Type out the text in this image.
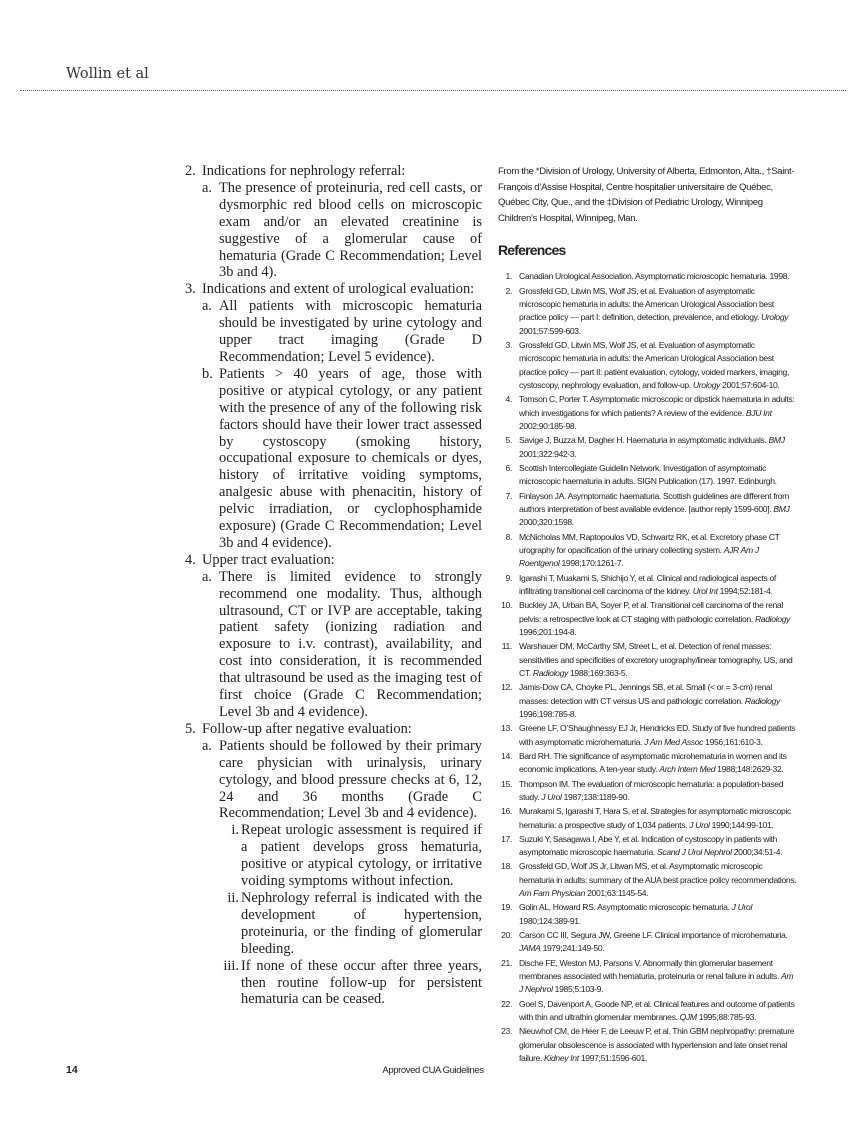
Wollin et al
2. Indications for nephrology referral:
a. The presence of proteinuria, red cell casts, or dysmorphic red blood cells on microscopic exam and/or an elevated creatinine is suggestive of a glomerular cause of hematuria (Grade C Recommendation; Level 3b and 4).
3. Indications and extent of urological evaluation:
a. All patients with microscopic hematuria should be investigated by urine cytology and upper tract imaging (Grade D Recommendation; Level 5 evidence).
b. Patients > 40 years of age, those with positive or atypical cytology, or any patient with the presence of any of the following risk factors should have their lower tract assessed by cystoscopy (smoking history, occupational exposure to chemicals or dyes, history of irritative voiding symptoms, analgesic abuse with phenacitin, history of pelvic irradiation, or cyclophosphamide exposure) (Grade C Recommendation; Level 3b and 4 evidence).
4. Upper tract evaluation:
a. There is limited evidence to strongly recommend one modality. Thus, although ultrasound, CT or IVP are acceptable, taking patient safety (ionizing radiation and exposure to i.v. contrast), availability, and cost into consideration, it is recommended that ultrasound be used as the imaging test of first choice (Grade C Recommendation; Level 3b and 4 evidence).
5. Follow-up after negative evaluation:
a. Patients should be followed by their primary care physician with urinalysis, urinary cytology, and blood pressure checks at 6, 12, 24 and 36 months (Grade C Recommendation; Level 3b and 4 evidence).
i. Repeat urologic assessment is required if a patient develops gross hematuria, positive or atypical cytology, or irritative voiding symptoms without infection.
ii. Nephrology referral is indicated with the development of hypertension, proteinuria, or the finding of glomerular bleeding.
iii. If none of these occur after three years, then routine follow-up for persistent hematuria can be ceased.

From the *Division of Urology, University of Alberta, Edmonton, Alta., †Saint-François d’Assise Hospital, Centre hospitalier universitaire de Québec, Québec City, Que., and the ‡Division of Pediatric Urology, Winnipeg Children’s Hospital, Winnipeg, Man.

References
1. Canadian Urological Association. Asymptomatic microscopic hematuria. 1998.
2. Grossfeld GD, Litwin MS, Wolf JS, et al. Evaluation of asymptomatic microscopic hematuria in adults: the American Urological Association best practice policy — part I: definition, detection, prevalence, and etiology. Urology 2001;57:599-603.
3. Grossfeld GD, Litwin MS, Wolf JS, et al. Evaluation of asymptomatic microscopic hematuria in adults: the American Urological Association best practice policy — part II: patient evaluation, cytology, voided markers, imaging, cystoscopy, nephrology evaluation, and follow-up. Urology 2001;57:604-10.
4. Tomson C, Porter T. Asymptomatic microscopic or dipstick haematuria in adults: which investigations for which patients? A review of the evidence. BJU Int 2002;90:185-98.
5. Savige J, Buzza M, Dagher H. Haematuria in asymptomatic individuals. BMJ 2001;322:942-3.
6. Scottish Intercollegiate Guidelin Network. Investigation of asymptomatic microscopic haematuria in adults. SIGN Publication (17). 1997. Edinburgh.
7. Finlayson JA. Asymptomatic haematuria. Scottish guidelines are different from authors interpretation of best available evidence. [author reply 1599-600]. BMJ 2000;320:1598.
8. McNicholas MM, Raptopoulos VD, Schwartz RK, et al. Excretory phase CT urography for opacification of the urinary collecting system. AJR Am J Roentgenol 1998;170:1261-7.
9. Igarashi T, Muakami S, Shichijo Y, et al. Clinical and radiological aspects of infiltrating transitional cell carcinoma of the kidney. Urol Int 1994;52:181-4.
10. Buckley JA, Urban BA, Soyer P, et al. Transitional cell carcinoma of the renal pelvis: a retrospective look at CT staging with pathologic correlation. Radiology 1996;201:194-8.
11. Warshauer DM, McCarthy SM, Street L, et al. Detection of renal masses: sensitivities and specificities of excretory urography/linear tomography, US, and CT. Radiology 1988;169:363-5.
12. Jamis-Dow CA, Choyke PL, Jennings SB, et al. Small (< or = 3-cm) renal masses: detection with CT versus US and pathologic correlation. Radiology 1996;198:785-8.
13. Greene LF, O’Shaughnessy EJ Jr, Hendricks ED. Study of five hundred patients with asymptomatic microhematuria. J Am Med Assoc 1956;161:610-3.
14. Bard RH. The significance of asymptomatic microhematuria in women and its economic implications. A ten-year study. Arch Intern Med 1988;148:2629-32.
15. Thompson IM. The evaluation of microscopic hematuria: a population-based study. J Urol 1987;138:1189-90.
16. Murakami S, Igarashi T, Hara S, et al. Strategies for asymptomatic microscopic hematuria: a prospective study of 1,034 patients. J Urol 1990;144:99-101.
17. Suzuki Y, Sasagawa I, Abe Y, et al. Indication of cystoscopy in patients with asymptomatic microscopic haematuria. Scand J Urol Nephrol 2000;34:51-4.
18. Grossfeld GD, Wolf JS Jr, Litwan MS, et al. Asymptomatic microscopic hematuria in adults: summary of the AUA best practice policy recommendations. Am Fam Physician 2001;63:1145-54.
19. Golin AL, Howard RS. Asymptomatic microscopic hematuria. J Urol 1980;124:389-91.
20. Carson CC III, Segura JW, Greene LF. Clinical importance of microhematuria. JAMA 1979;241:149-50.
21. Dische FE, Weston MJ, Parsons V. Abnormally thin glomerular basement membranes associated with hematuria, proteinuria or renal failure in adults. Am J Nephrol 1985;5:103-9.
22. Goel S, Davenport A, Goode NP, et al. Clinical features and outcome of patients with thin and ultrathin glomerular membranes. QJM 1995;88:785-93.
23. Nieuwhof CM, de Heer F, de Leeuw P, et al. Thin GBM nephropathy: premature glomerular obsolescence is associated with hypertension and late onset renal failure. Kidney Int 1997;51:1596-601.
14	Approved CUA Guidelines
